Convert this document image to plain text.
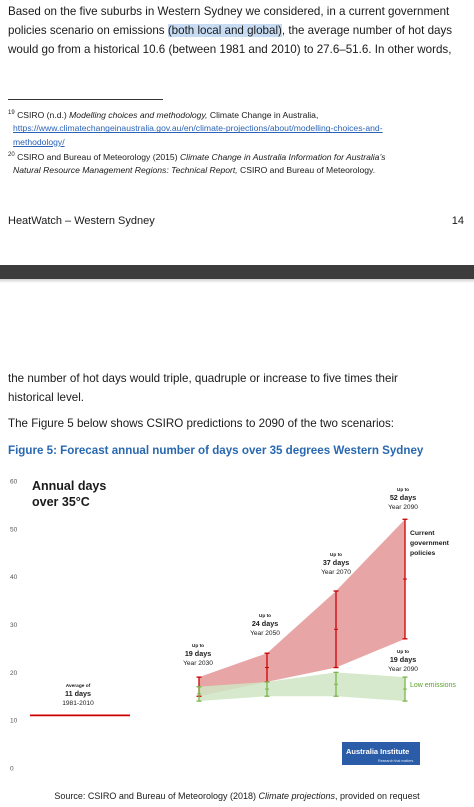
Based on the five suburbs in Western Sydney we considered, in a current government
policies scenario on emissions (both local and global), the average number of hot days
would go from a historical 10.6 (between 1981 and 2010) to 27.6–51.6. In other words,
$^{19}$ CSIRO (n.d.) Modelling choices and methodology, Climate Change in Australia,
https://www.climatechangeinaustralia.gov.au/en/climate-projections/about/modelling-choices-and-
methodology/
$^{20}$ CSIRO and Bureau of Meteorology (2015) Climate Change in Australia Information for Australia’s
Natural Resource Management Regions: Technical Report, CSIRO and Bureau of Meteorology.
HeatWatch – Western Sydney	14
the number of hot days would triple, quadruple or increase to five times their
historical level.
The Figure 5 below shows CSIRO predictions to 2090 of the two scenarios:
Figure 5: Forecast annual number of days over 35 degrees Western Sydney
60
50
40
30
20
10
0
Annual days
over 35°C
Average of
11 days
1981-2010
Up to
19 days
Year 2030
Up to
24 days
Year 2050
Up to
37 days
Year 2070
Up to
52 days
Year 2090
Up to
19 days
Year 2090
Current
government
policies
Low emissions
Australia Institute
Research that matters
Source: CSIRO and Bureau of Meteorology (2018) Climate projections, provided on request
